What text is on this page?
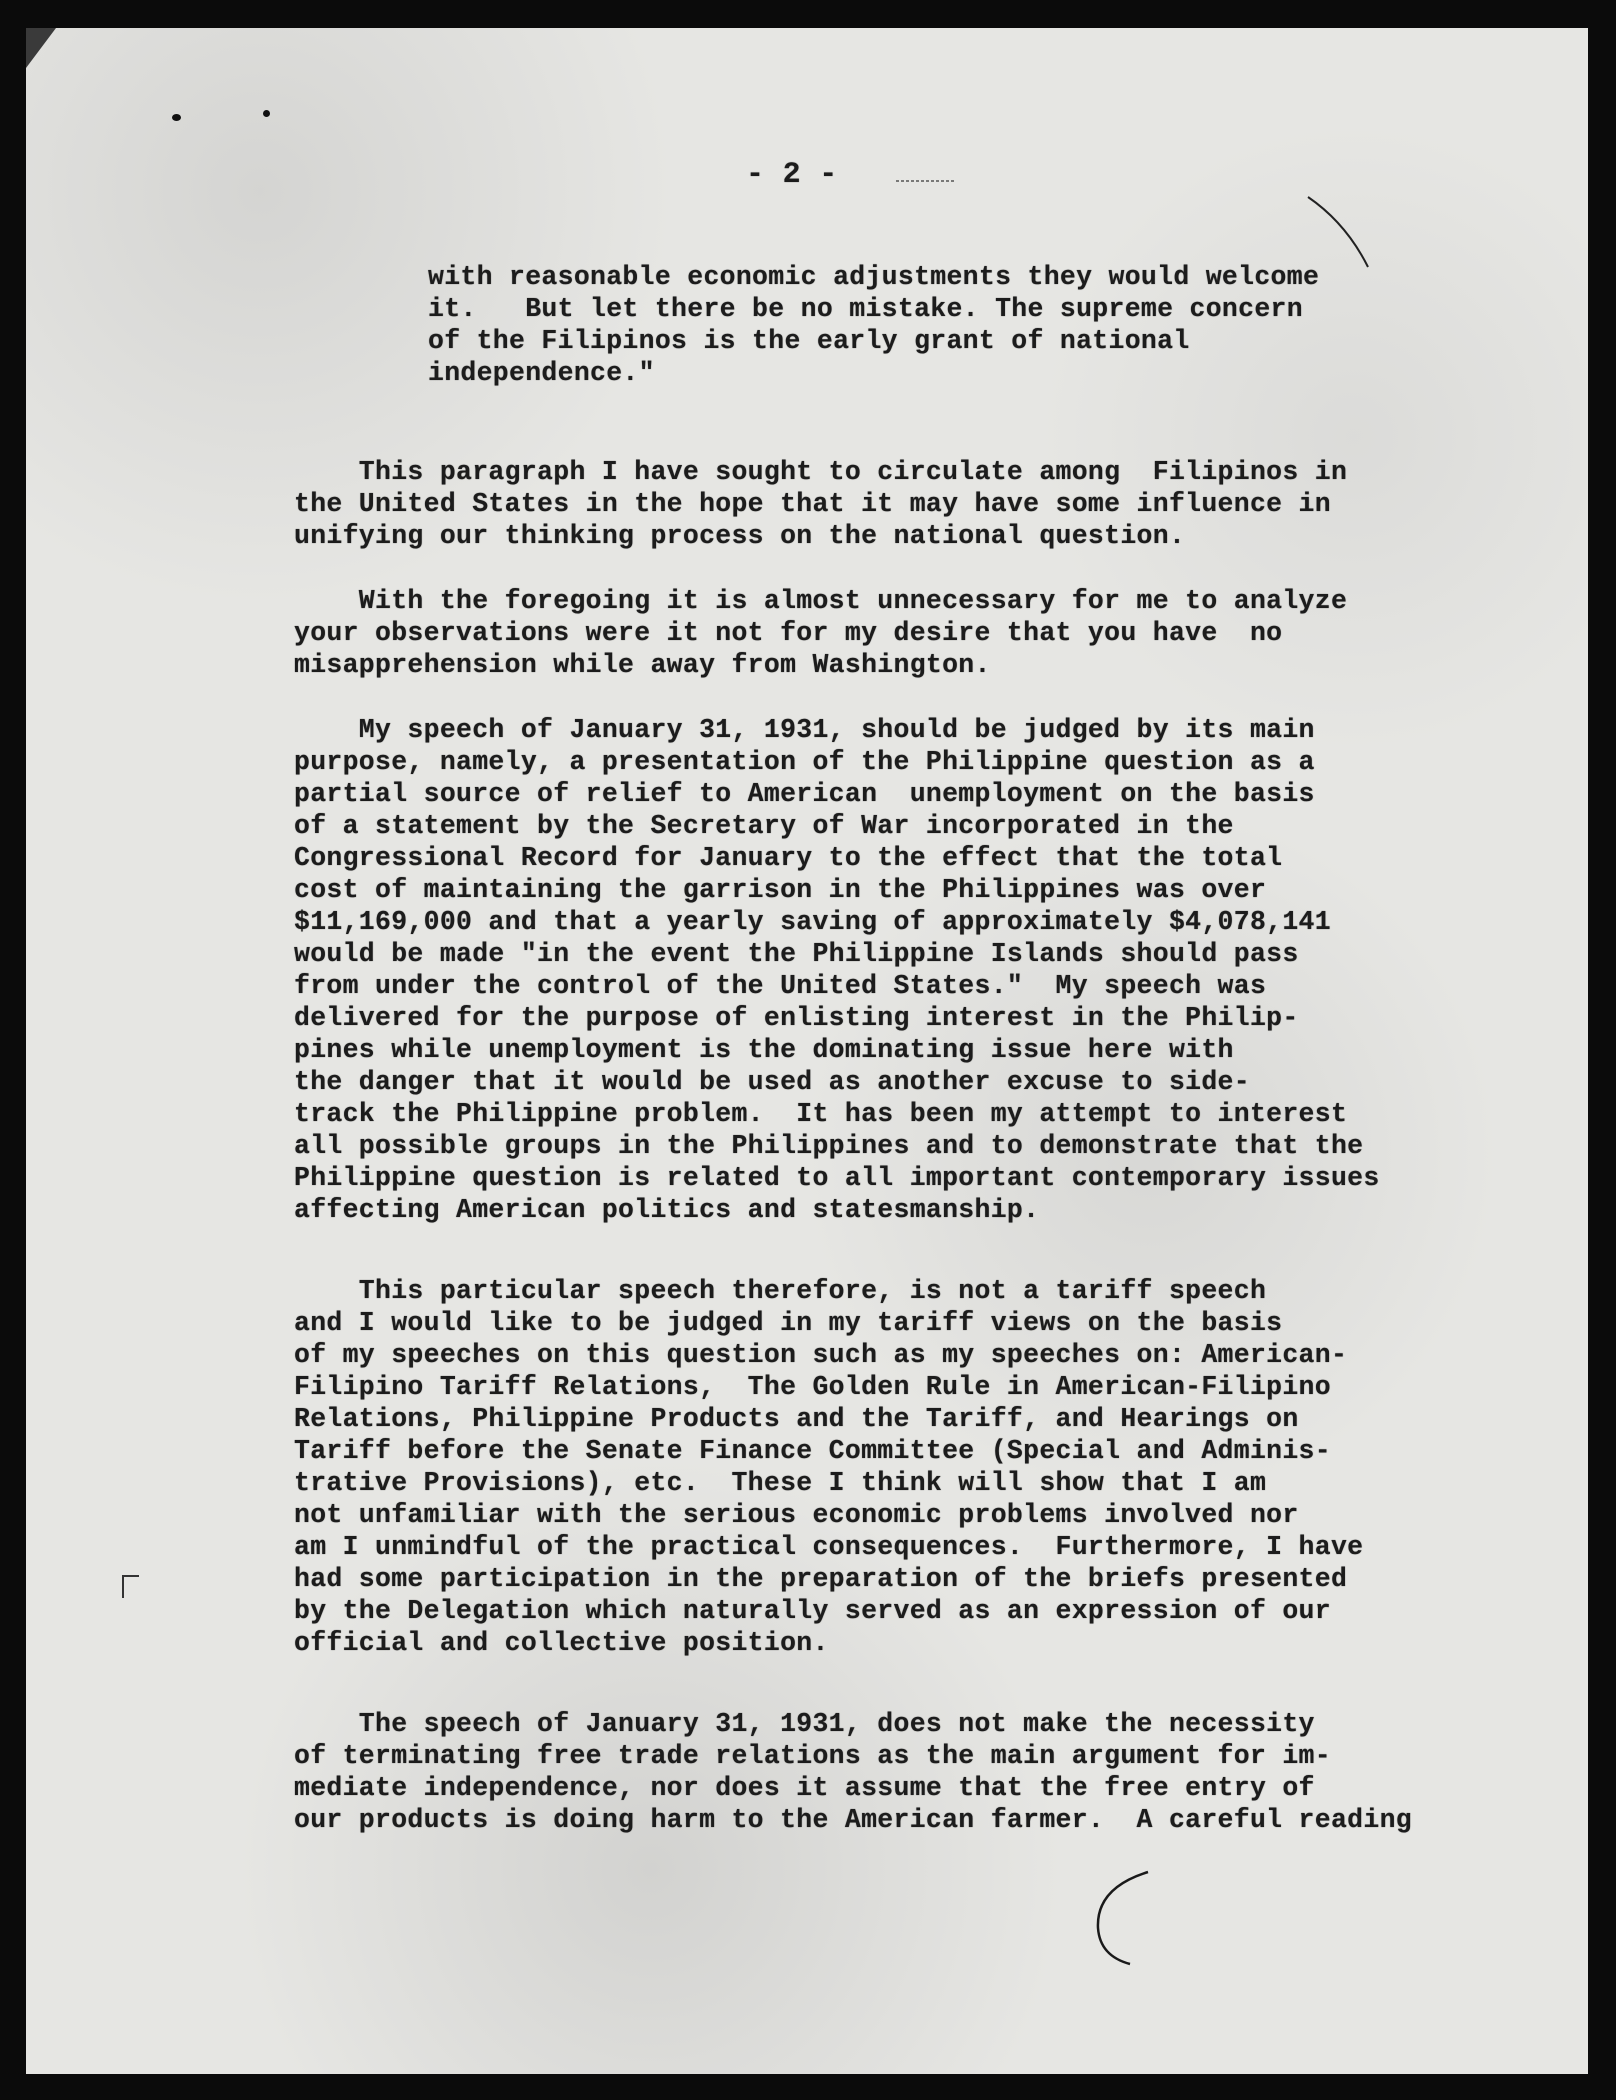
- 2 -
with reasonable economic adjustments they would welcome
it.   But let there be no mistake. The supreme concern
of the Filipinos is the early grant of national
independence."
This paragraph I have sought to circulate among  Filipinos in
the United States in the hope that it may have some influence in
unifying our thinking process on the national question.
With the foregoing it is almost unnecessary for me to analyze
your observations were it not for my desire that you have  no
misapprehension while away from Washington.
My speech of January 31, 1931, should be judged by its main
purpose, namely, a presentation of the Philippine question as a
partial source of relief to American  unemployment on the basis
of a statement by the Secretary of War incorporated in the
Congressional Record for January to the effect that the total
cost of maintaining the garrison in the Philippines was over
$11,169,000 and that a yearly saving of approximately $4,078,141
would be made "in the event the Philippine Islands should pass
from under the control of the United States."  My speech was
delivered for the purpose of enlisting interest in the Philip-
pines while unemployment is the dominating issue here with
the danger that it would be used as another excuse to side-
track the Philippine problem.  It has been my attempt to interest
all possible groups in the Philippines and to demonstrate that the
Philippine question is related to all important contemporary issues
affecting American politics and statesmanship.
This particular speech therefore, is not a tariff speech
and I would like to be judged in my tariff views on the basis
of my speeches on this question such as my speeches on: American-
Filipino Tariff Relations,  The Golden Rule in American-Filipino
Relations, Philippine Products and the Tariff, and Hearings on
Tariff before the Senate Finance Committee (Special and Adminis-
trative Provisions), etc.  These I think will show that I am
not unfamiliar with the serious economic problems involved nor
am I unmindful of the practical consequences.  Furthermore, I have
had some participation in the preparation of the briefs presented
by the Delegation which naturally served as an expression of our
official and collective position.
The speech of January 31, 1931, does not make the necessity
of terminating free trade relations as the main argument for im-
mediate independence, nor does it assume that the free entry of
our products is doing harm to the American farmer.  A careful reading
